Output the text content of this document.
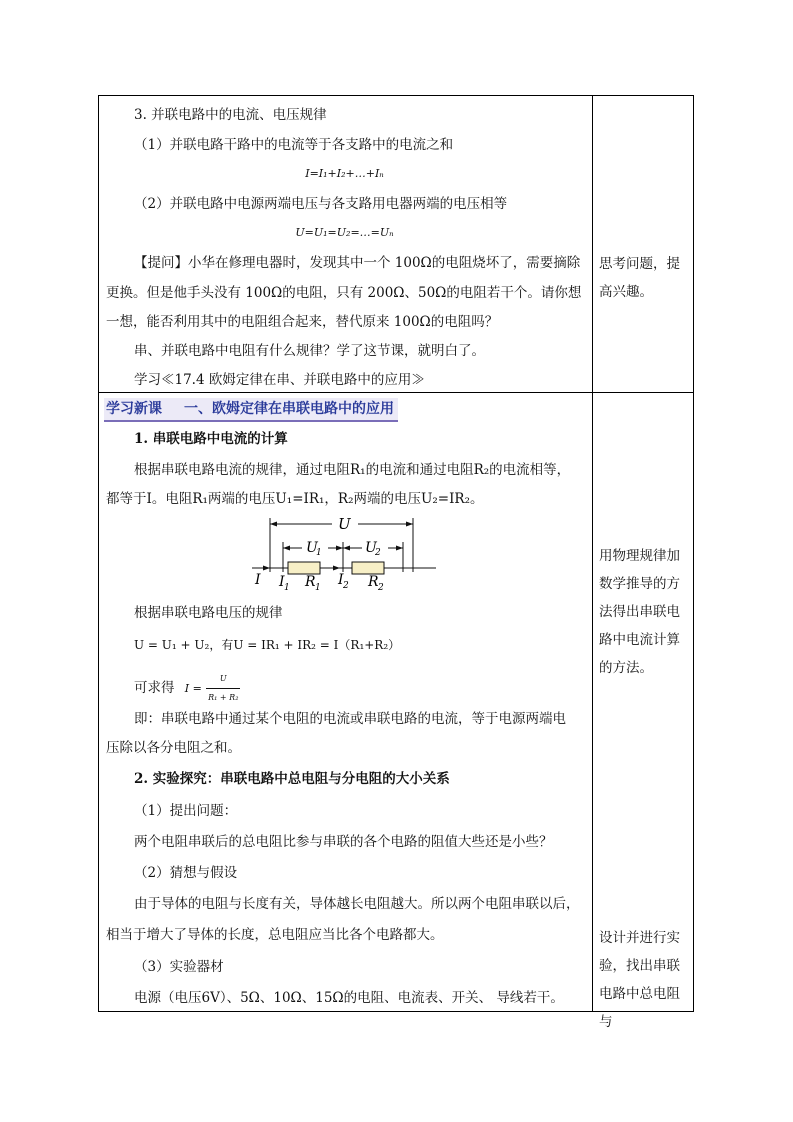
3. 并联电路中的电流、电压规律
（1）并联电路干路中的电流等于各支路中的电流之和
I=I₁+I₂+…+Iₙ
（2）并联电路中电源两端电压与各支路用电器两端的电压相等
U=U₁=U₂=…=Uₙ
【提问】小华在修理电器时，发现其中一个 100Ω的电阻烧坏了，需要摘除
更换。但是他手头没有 100Ω的电阻，只有 200Ω、50Ω的电阻若干个。请你想
一想，能否利用其中的电阻组合起来，替代原来 100Ω的电阻吗？
串、并联电路中电阻有什么规律？学了这节课，就明白了。
学习≪17.4 欧姆定律在串、并联电路中的应用≫
思考问题，提高兴趣。
学习新课 一、欧姆定律在串联电路中的应用
1. 串联电路中电流的计算
根据串联电路电流的规律，通过电阻R₁的电流和通过电阻R₂的电流相等，
都等于I。电阻R₁两端的电压U₁=IR₁，R₂两端的电压U₂=IR₂。
U
U
1	U
2
I I 1 R 1 I 2 R 2
根据串联电路电压的规律
U = U₁ + U₂，有U = IR₁ + IR₂ = I（R₁+R₂）
可求得 $I = \frac{U}{\text{R₁ + R₂}}$
即：串联电路中通过某个电阻的电流或串联电路的电流，等于电源两端电
压除以各分电阻之和。
2. 实验探究：串联电路中总电阻与分电阻的大小关系
（1）提出问题：
两个电阻串联后的总电阻比参与串联的各个电路的阻值大些还是小些？
（2）猜想与假设
由于导体的电阻与长度有关，导体越长电阻越大。所以两个电阻串联以后，
相当于增大了导体的长度，总电阻应当比各个电路都大。
（3）实验器材
电源（电压6V）、5Ω、10Ω、15Ω的电阻、电流表、开关、 导线若干。
用物理规律加数学推导的方法得出串联电路中电流计算的方法。
设计并进行实验，找出串联电路中总电阻与
